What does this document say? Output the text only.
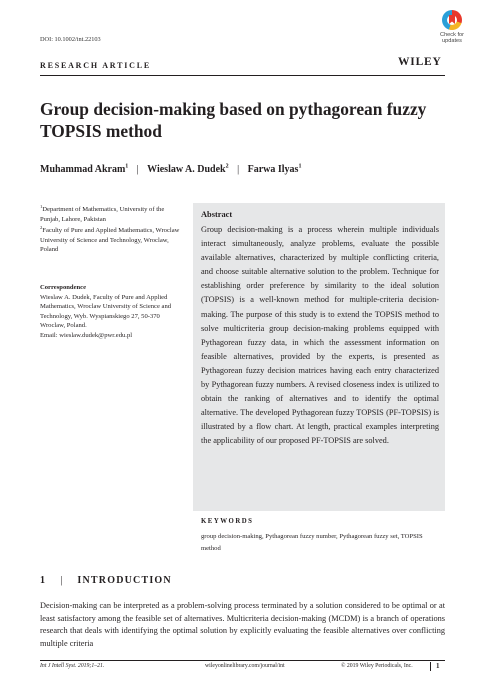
DOI: 10.1002/int.22103
Check for
updates
RESEARCH ARTICLE	WILEY
Group decision-making based on pythagorean fuzzy TOPSIS method
Muhammad Akram$^1$ | Wieslaw A. Dudek$^2$ | Farwa Ilyas$^1$
$^1$Department of Mathematics, University of the Punjab, Lahore, Pakistan
$^2$Faculty of Pure and Applied Mathematics, Wroclaw University of Science and Technology, Wroclaw, Poland
Correspondence
Wieslaw A. Dudek, Faculty of Pure and Applied Mathematics, Wroclaw University of Science and Technology, Wyb. Wyspianskiego 27, 50-370 Wroclaw, Poland.
Email: wieslaw.dudek@pwr.edu.pl
Abstract

Group decision-making is a process wherein multiple individuals interact simultaneously, analyze problems, evaluate the possible available alternatives, characterized by multiple conflicting criteria, and choose suitable alternative solution to the problem. Technique for establishing order preference by similarity to the ideal solution (TOPSIS) is a well-known method for multiple-criteria decision-making. The purpose of this study is to extend the TOPSIS method to solve multicriteria group decision-making problems equipped with Pythagorean fuzzy data, in which the assessment information on feasible alternatives, provided by the experts, is presented as Pythagorean fuzzy decision matrices having each entry characterized by Pythagorean fuzzy numbers. A revised closeness index is utilized to obtain the ranking of alternatives and to identify the optimal alternative. The developed Pythagorean fuzzy TOPSIS (PF-TOPSIS) is illustrated by a flow chart. At length, practical examples interpreting the applicability of our proposed PF-TOPSIS are solved.

KEYWORDS
group decision-making, Pythagorean fuzzy number, Pythagorean fuzzy set, TOPSIS method
1 | INTRODUCTION

Decision-making can be interpreted as a problem-solving process terminated by a solution considered to be optimal or at least satisfactory among the feasible set of alternatives. Multicriteria decision-making (MCDM) is a branch of operations research that deals with identifying the optimal solution by explicitly evaluating the feasible alternatives over conflicting multiple criteria

Int J Intell Syst. 2019;1–21.	wileyonlinelibrary.com/journal/int	© 2019 Wiley Periodicals, Inc.	1
